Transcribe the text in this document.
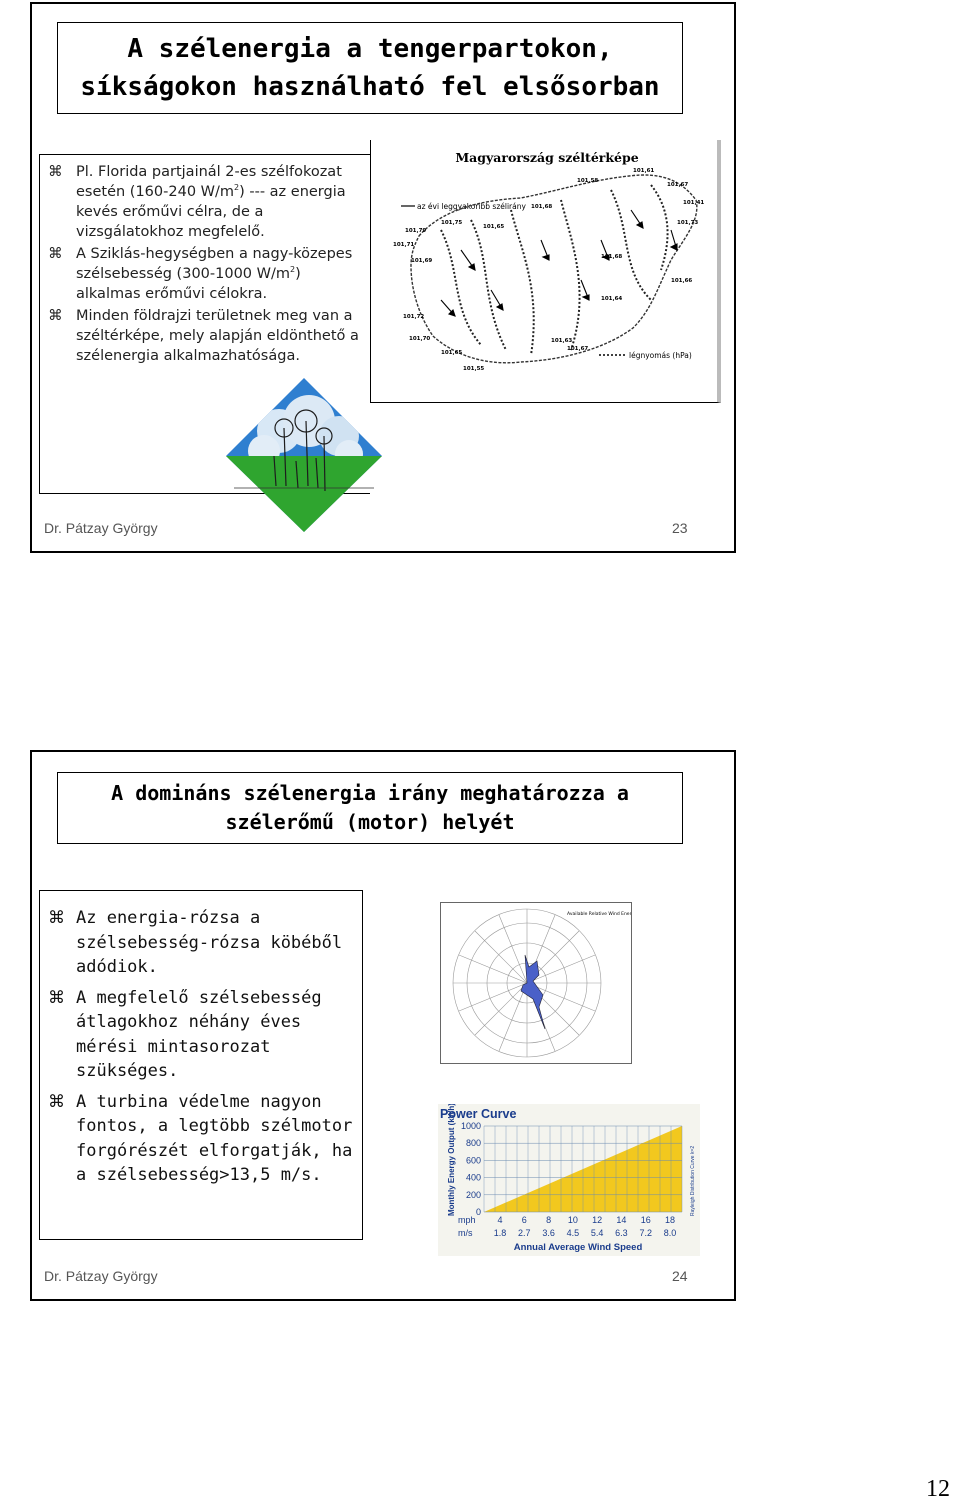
A szélenergia a tengerpartokon,
síkságokon használható fel elsősorban
⌘ Pl. Florida partjainál 2-es szélfokozat esetén (160-240 $W/m^2$) --- az energia kevés erőművi célra, de a vizsgálatokhoz megfelelő.
⌘ A Sziklás-hegységben a nagy-közepes szélsebesség (300-1000 $W/m^2$) alkalmas erőművi célokra.
⌘ Minden földrajzi területnek meg van a széltérképe, mely alapján eldönthető a szélenergia alkalmazhatósága.
Magyarország széltérképe
az évi leggyakoribb szélirány
légnyomás (hPa)
101,61
101,67
101,41
101,68
101,58
101,79
101,65
101,75
101,71
101,69
101,73
101,72
101,68
101,64
101,66
101,67
101,63
101,70
101,65
101,55
Dr. Pátzay György	23
A domináns szélenergia irány meghatározza a
szélerőmű (motor) helyét
⌘ Az energia-rózsa a szélsebesség-rózsa köbéből adódiok.
⌘ A megfelelő szélsebesség átlagokhoz néhány éves mérési mintasorozat szükséges.
⌘ A turbina védelme nagyon fontos, a legtöbb szélmotor forgórészét elforgatják, ha a szélsebesség>13,5 m/s.
Available Relative Wind Energy
Power Curve
Monthly Energy Output (kWh)	Rayleigh Distribution Curve k=2
1000
800
600
400
200
0
4
1.8
6
2.7
8
3.6
10
4.5
12
5.4
14
6.3
16
7.2
18
8.0
mph
m/s
Annual Average Wind Speed
Dr. Pátzay György	24
12
